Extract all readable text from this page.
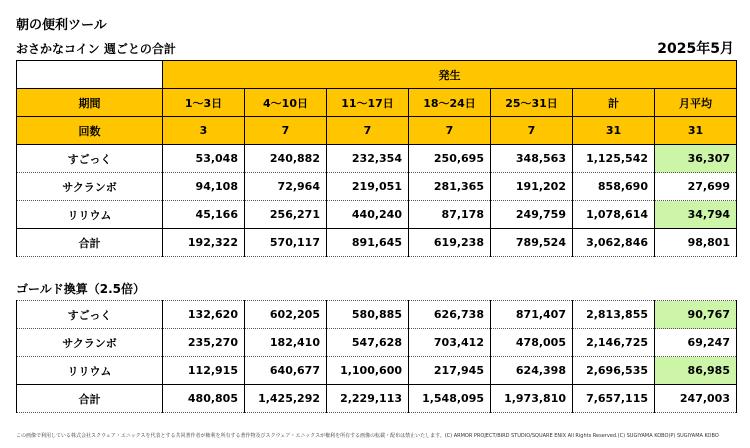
朝の便利ツール
おさかなコイン 週ごとの合計	2025年5月
	発生						
期間	1〜3日	4〜10日	11〜17日	18〜24日	25〜31日	計	月平均
回数	3	7	7	7	7	31	31
すごっく	53,048	240,882	232,354	250,695	348,563	1,125,542	36,307
サクランボ	94,108	72,964	219,051	281,365	191,202	858,690	27,699
リリウム	45,166	256,271	440,240	87,178	249,759	1,078,614	34,794
合計	192,322	570,117	891,645	619,238	789,524	3,062,846	98,801
ゴールド換算（2.5倍）
すごっく	132,620	602,205	580,885	626,738	871,407	2,813,855	90,767
サクランボ	235,270	182,410	547,628	703,412	478,005	2,146,725	69,247
リリウム	112,915	640,677	1,100,600	217,945	624,398	2,696,535	86,985
合計	480,805	1,425,292	2,229,113	1,548,095	1,973,810	7,657,115	247,003
この画像で利用している株式会社スクウェア・エニックスを代表とする共同著作者が権利を所有する著作物及びスクウェア・エニックスが権利を所有する画像の転載・配布は禁止いたします。(C) ARMOR PROJECT/BIRD STUDIO/SQUARE ENIX All Rights Reserved.(C) SUGIYAMA KOBO(P) SUGIYAMA KOBO
